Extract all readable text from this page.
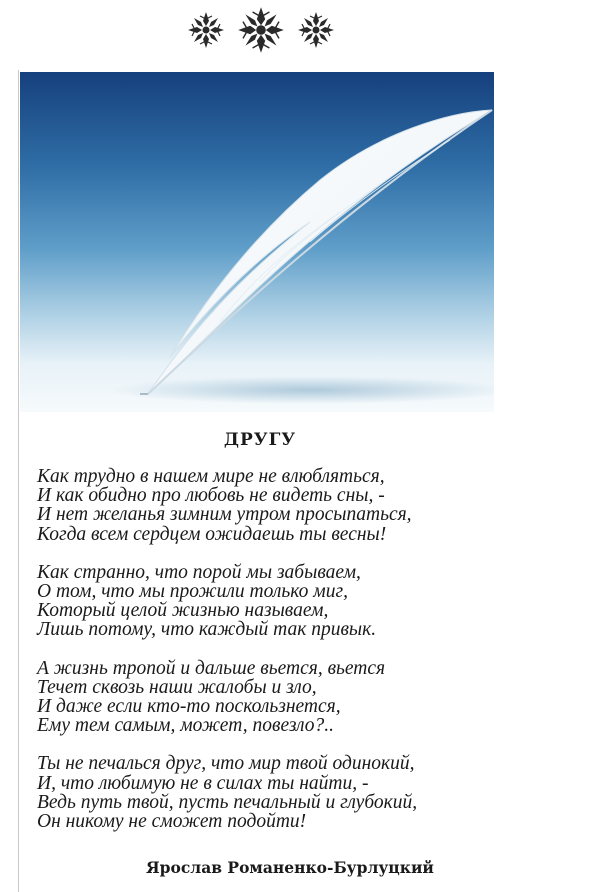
ДРУГУ
Как трудно в нашем мире не влюбляться,
И как обидно про любовь не видеть сны, -
И нет желанья зимним утром просыпаться,
Когда всем сердцем ожидаешь ты весны!
Как странно, что порой мы забываем,
О том, что мы прожили только миг,
Который целой жизнью называем,
Лишь потому, что каждый так привык.
А жизнь тропой и дальше вьется, вьется
Течет сквозь наши жалобы и зло,
И даже если кто-то поскользнется,
Ему тем самым, может, повезло?..
Ты не печалься друг, что мир твой одинокий,
И, что любимую не в силах ты найти, -
Ведь путь твой, пусть печальный и глубокий,
Он никому не сможет подойти!
Ярослав Романенко-Бурлуцкий
